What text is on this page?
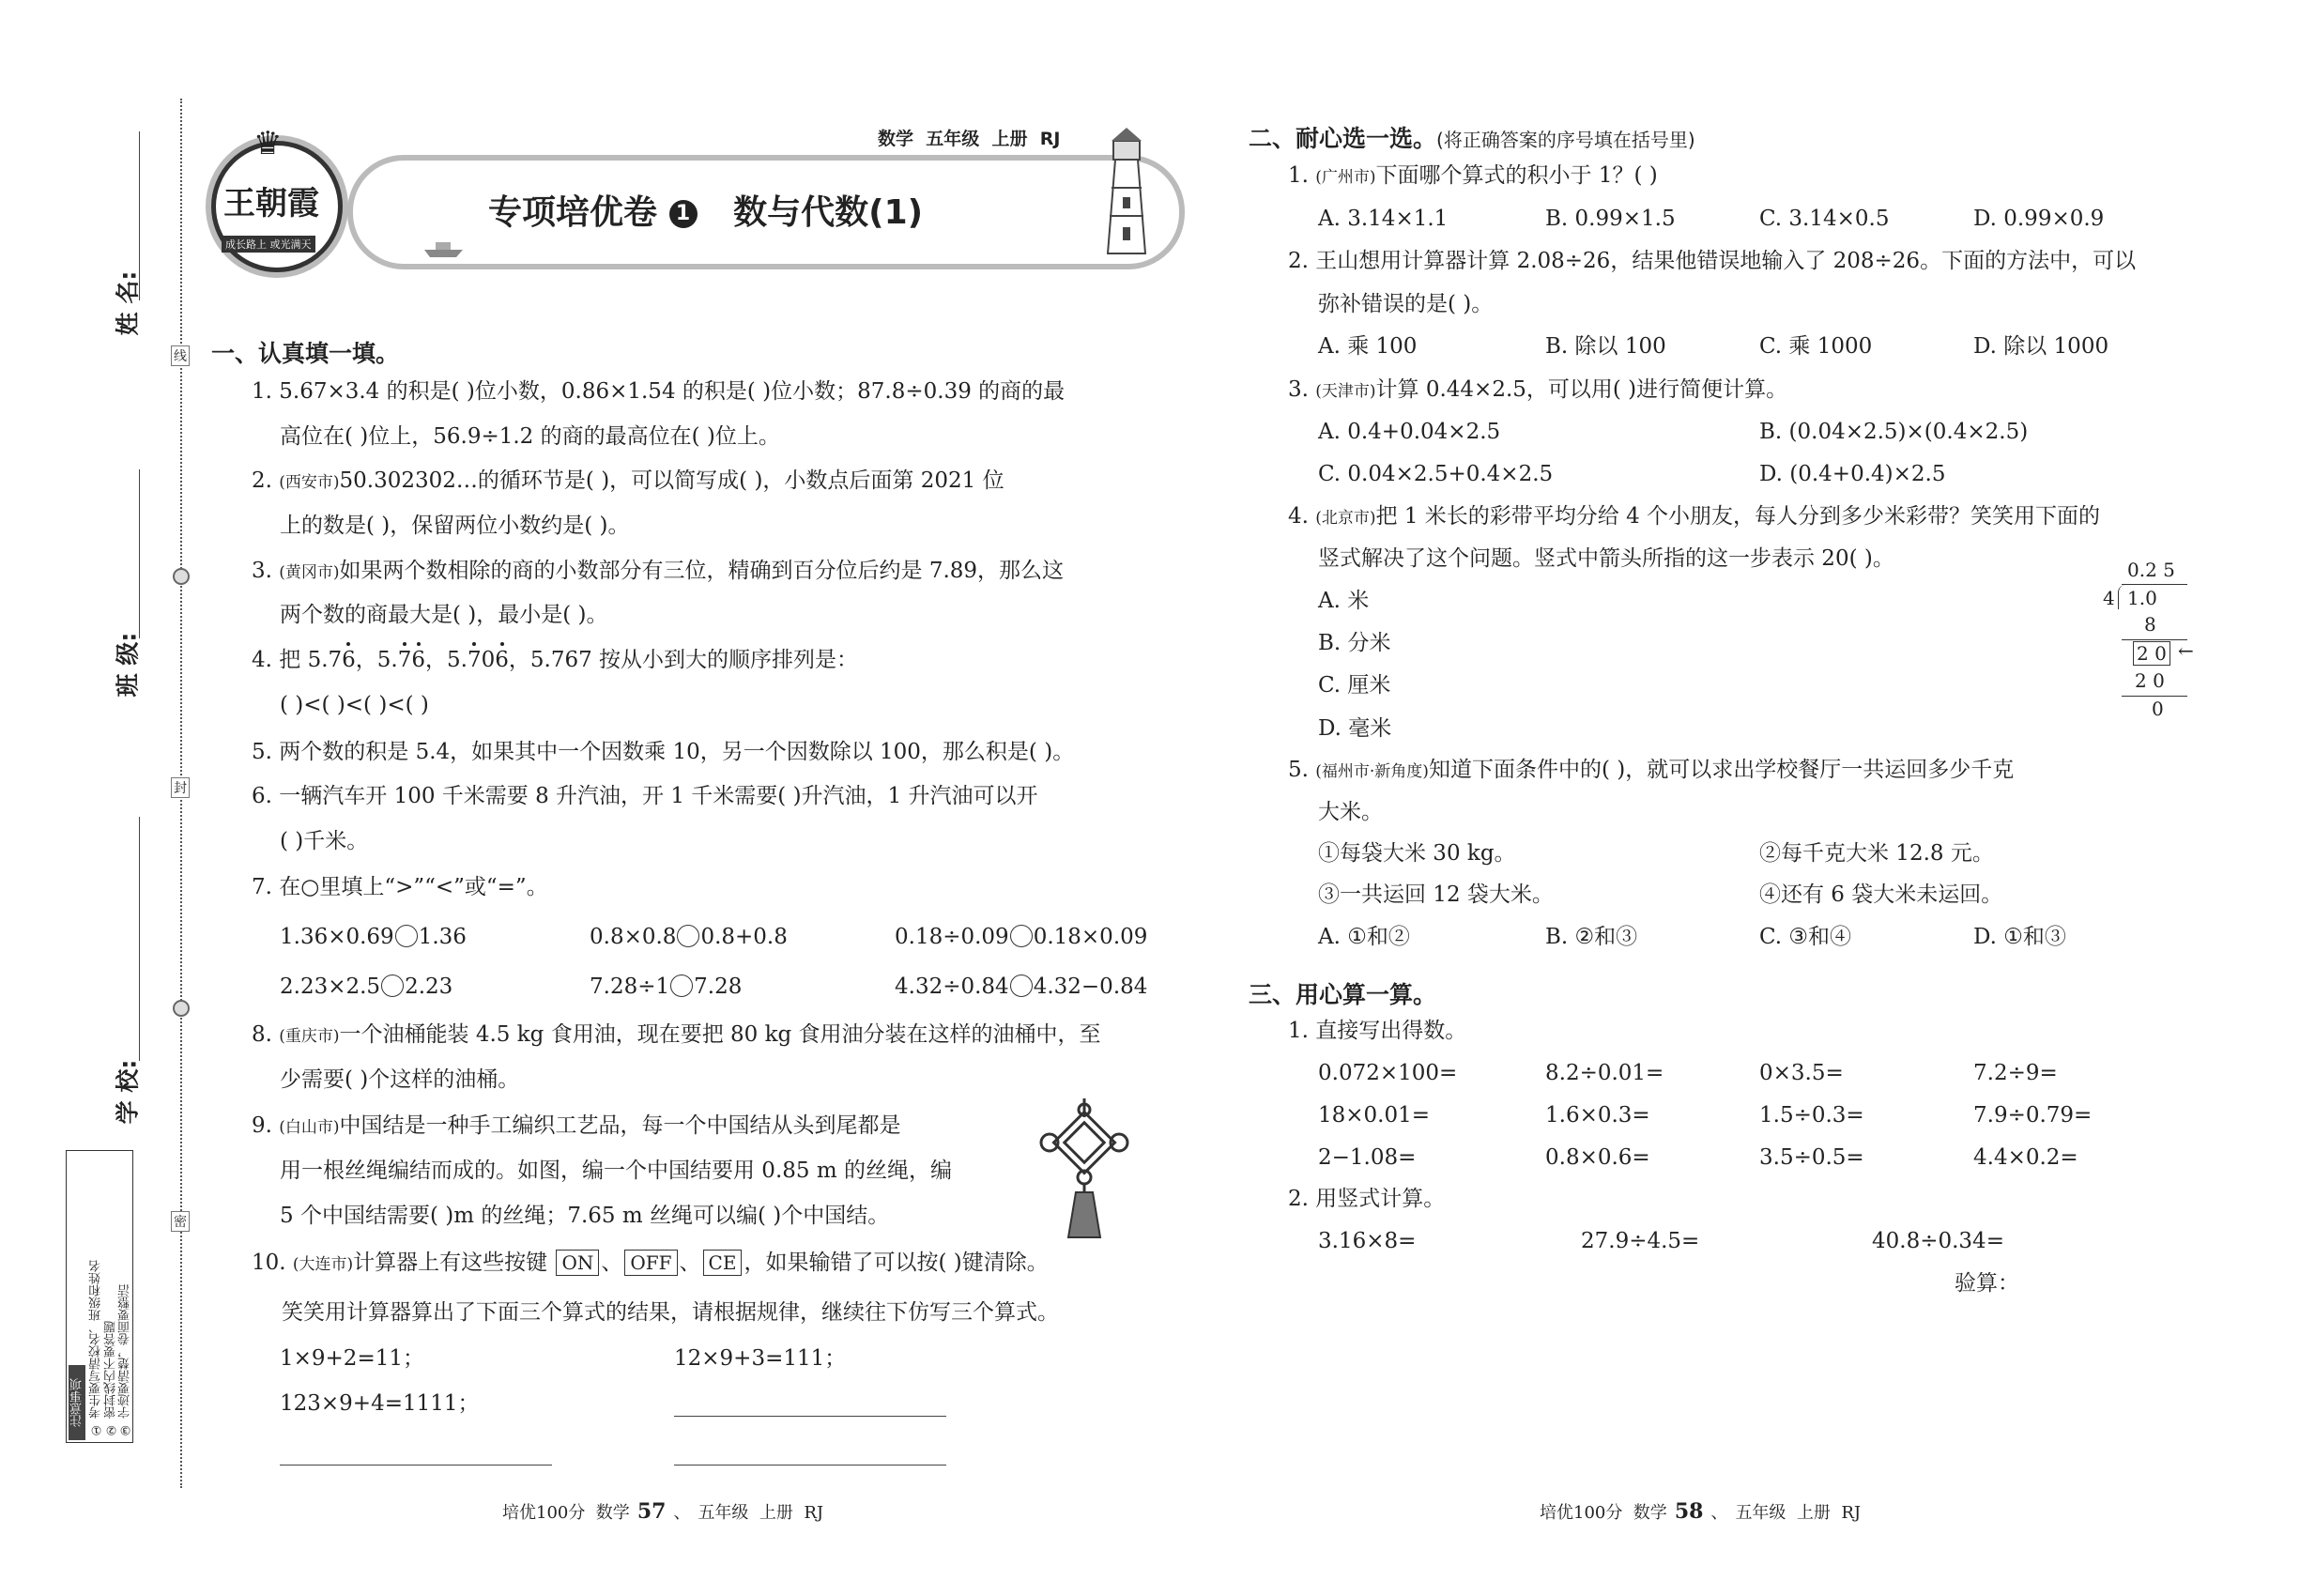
姓 名:
班 级:
学 校:
线
封
密
注意事项 ① 考生要写清校名、班级和姓名 ② 密封线内不要答题 ③ 字迹要清楚，卷面要整洁
♛
王朝霞
成长路上 或光满天
数学  五年级  上册  RJ
专项培优卷 1 数与代数(1)
一、认真填一填。
1. 5.67×3.4 的积是( )位小数，0.86×1.54 的积是( )位小数；87.8÷0.39 的商的最
高位在( )位上，56.9÷1.2 的商的最高位在( )位上。
2. (西安市)50.302302…的循环节是( )，可以简写成( )，小数点后面第 2021 位
上的数是( )，保留两位小数约是( )。
3. (黄冈市)如果两个数相除的商的小数部分有三位，精确到百分位后约是 7.89，那么这
两个数的商最大是( )，最小是( )。
4. 把 5.76，5.76，5.706，5.767 按从小到大的顺序排列是：
( )<( )<( )<( )
5. 两个数的积是 5.4，如果其中一个因数乘 10，另一个因数除以 100，那么积是( )。
6. 一辆汽车开 100 千米需要 8 升汽油，开 1 千米需要( )升汽油，1 升汽油可以开
( )千米。
7. 在○里填上“>”“<”或“=”。
1.36×0.69 1.36	0.8×0.8 0.8+0.8	0.18÷0.09 0.18×0.09
2.23×2.5 2.23	7.28÷1 7.28	4.32÷0.84 4.32−0.84
8. (重庆市)一个油桶能装 4.5 kg 食用油，现在要把 80 kg 食用油分装在这样的油桶中，至
少需要( )个这样的油桶。
9. (白山市)中国结是一种手工编织工艺品，每一个中国结从头到尾都是
用一根丝绳编结而成的。如图，编一个中国结要用 0.85 m 的丝绳，编
5 个中国结需要( )m 的丝绳；7.65 m 丝绳可以编( )个中国结。
10. (大连市)计算器上有这些按键 ON 、 OFF 、 CE ，如果输错了可以按( )键清除。
笑笑用计算器算出了下面三个算式的结果，请根据规律，继续往下仿写三个算式。
1×9+2=11；	12×9+3=111；
123×9+4=1111；
培优100分  数学 57 、 五年级  上册  RJ
二、耐心选一选。(将正确答案的序号填在括号里)
1. (广州市)下面哪个算式的积小于 1？( )
A. 3.14×1.1	B. 0.99×1.5	C. 3.14×0.5	D. 0.99×0.9
2. 王山想用计算器计算 2.08÷26，结果他错误地输入了 208÷26。下面的方法中，可以
弥补错误的是( )。
A. 乘 100	B. 除以 100	C. 乘 1000	D. 除以 1000
3. (天津市)计算 0.44×2.5，可以用( )进行简便计算。
A. 0.4+0.04×2.5	B. (0.04×2.5)×(0.4×2.5)
C. 0.04×2.5+0.4×2.5	D. (0.4+0.4)×2.5
4. (北京市)把 1 米长的彩带平均分给 4 个小朋友，每人分到多少米彩带？笑笑用下面的
竖式解决了这个问题。竖式中箭头所指的这一步表示 20( )。
A. 米
B. 分米
C. 厘米
D. 毫米
0.2 5
4 1.0
8
2 0 ←
2 0
0
5. (福州市·新角度)知道下面条件中的( )，就可以求出学校餐厅一共运回多少千克
大米。
①每袋大米 30 kg。	②每千克大米 12.8 元。
③一共运回 12 袋大米。	④还有 6 袋大米未运回。
A. ①和②	B. ②和③	C. ③和④	D. ①和③
三、用心算一算。
1. 直接写出得数。
0.072×100=	8.2÷0.01=	0×3.5=	7.2÷9=
18×0.01=	1.6×0.3=	1.5÷0.3=	7.9÷0.79=
2−1.08=	0.8×0.6=	3.5÷0.5=	4.4×0.2=
2. 用竖式计算。
3.16×8=	27.9÷4.5=	40.8÷0.34=
验算：
培优100分  数学 58 、 五年级  上册  RJ
